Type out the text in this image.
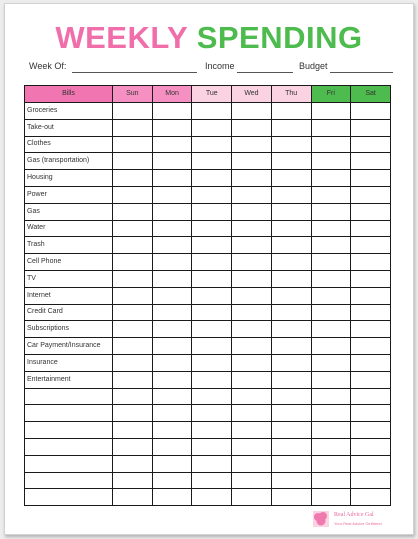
WEEKLY SPENDING
Week Of:	Income	Budget
Bills	Sun	Mon	Tue	Wed	Thu	Fri	Sat
Groceries							
Take-out							
Clothes							
Gas (transportation)							
Housing							
Power							
Gas							
Water							
Trash							
Cell Phone							
TV							
Internet							
Credit Card							
Subscriptions							
Car Payment/Insurance							
Insurance							
Entertainment							

Real Advice Gal
Your Real Advice Girlfriend
